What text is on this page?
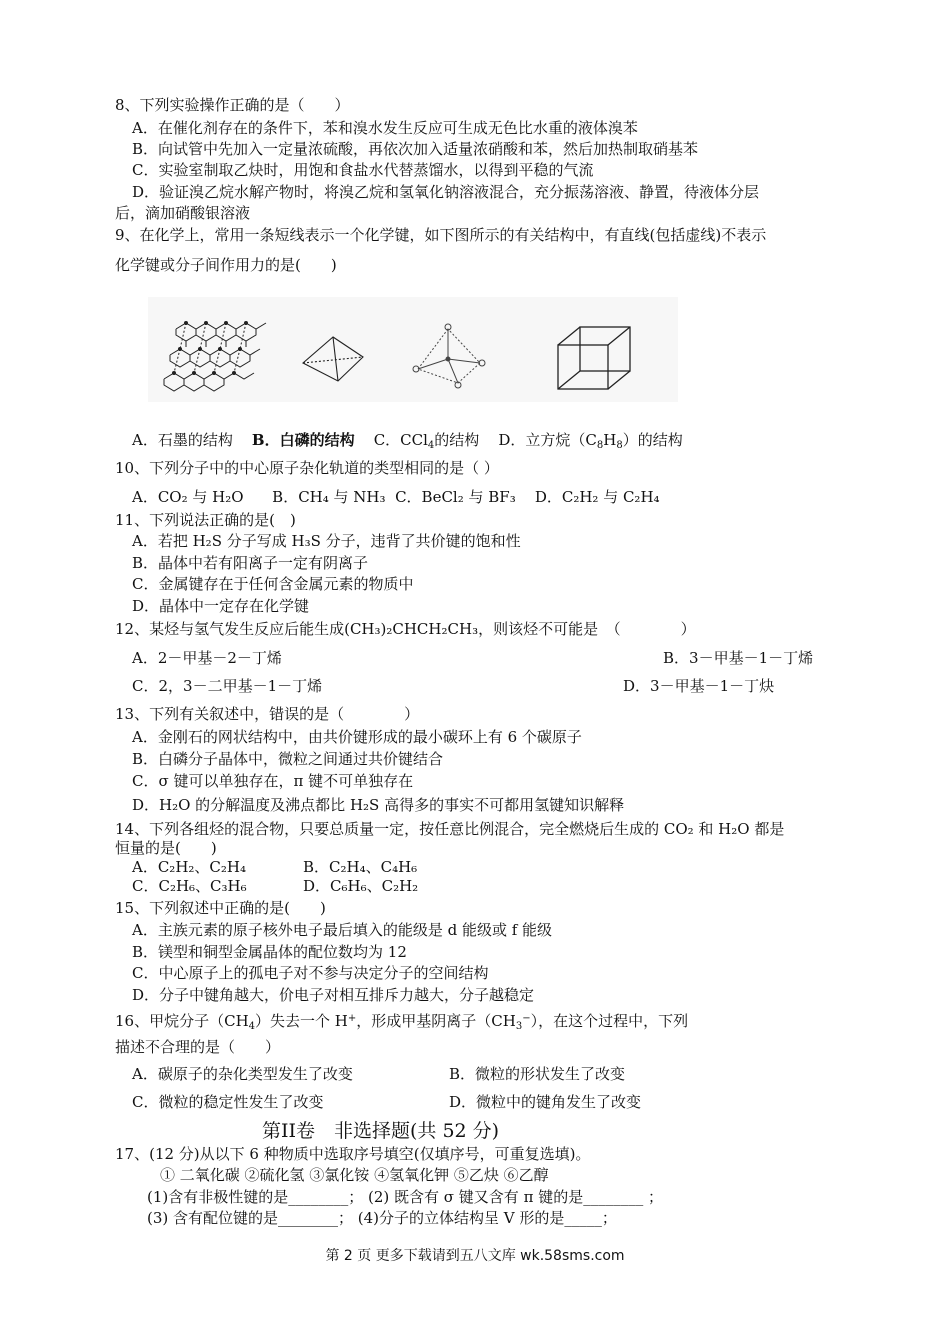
8、下列实验操作正确的是（　　）
A．在催化剂存在的条件下，苯和溴水发生反应可生成无色比水重的液体溴苯
B．向试管中先加入一定量浓硫酸，再依次加入适量浓硝酸和苯，然后加热制取硝基苯
C．实验室制取乙炔时，用饱和食盐水代替蒸馏水，以得到平稳的气流
D．验证溴乙烷水解产物时，将溴乙烷和氢氧化钠溶液混合，充分振荡溶液、静置，待液体分层
后，滴加硝酸银溶液
9、在化学上，常用一条短线表示一个化学键，如下图所示的有关结构中，有直线(包括虚线)不表示
化学键或分子间作用力的是(　　)
A．石墨的结构 B．白磷的结构 C．CCl$_4$的结构 D．立方烷$(C_8H_8)$的结构
10、下列分子中的中心原子杂化轨道的类型相同的是（ ）
A．CO₂ 与 H₂O B．CH₄ 与 NH₃ C．BeCl₂ 与 BF₃ D．C₂H₂ 与 C₂H₄
11、下列说法正确的是(　)
A．若把 H₂S 分子写成 H₃S 分子，违背了共价键的饱和性
B．晶体中若有阳离子一定有阴离子
C．金属键存在于任何含金属元素的物质中
D．晶体中一定存在化学键
12、某烃与氢气发生反应后能生成(CH₃)₂CHCH₂CH₃，则该烃不可能是　（　　　　）
A．2－甲基－2－丁烯	B．3－甲基－1－丁烯
C．2，3－二甲基－1－丁烯	D．3－甲基－1－丁炔
13、下列有关叙述中，错误的是（　　　　）
A．金刚石的网状结构中，由共价键形成的最小碳环上有 6 个碳原子
B．白磷分子晶体中，微粒之间通过共价键结合
C．σ 键可以单独存在，π 键不可单独存在
D．H₂O 的分解温度及沸点都比 H₂S 高得多的事实不可都用氢键知识解释
14、下列各组烃的混合物，只要总质量一定，按任意比例混合，完全燃烧后生成的 CO₂ 和 H₂O 都是
恒量的是(　　)
A．C₂H₂、C₂H₄	B．C₂H₄、C₄H₆
C．C₂H₆、C₃H₆	D．C₆H₆、C₂H₂
15、下列叙述中正确的是(　　)
A．主族元素的原子核外电子最后填入的能级是 d 能级或 f 能级
B．镁型和铜型金属晶体的配位数均为 12
C．中心原子上的孤电子对不参与决定分子的空间结构
D．分子中键角越大，价电子对相互排斥力越大，分子越稳定
16、甲烷分子$(CH_4)$失去一个 H+，形成甲基阴离子$(CH_3^-)$，在这个过程中，下列
描述不合理的是（　　）
A．碳原子的杂化类型发生了改变	B．微粒的形状发生了改变
C．微粒的稳定性发生了改变	D．微粒中的键角发生了改变
第II卷　非选择题(共 52 分)
17、(12 分)从以下 6 种物质中选取序号填空(仅填序号，可重复选填)。
① 二氧化碳 ②硫化氢 ③氯化铵 ④氢氧化钾 ⑤乙炔 ⑥乙醇
(1)含有非极性键的是________； (2) 既含有 σ 键又含有 π 键的是________ ；
(3) 含有配位键的是________； (4)分子的立体结构呈 V 形的是_____；
第 2 页 更多下载请到五八文库 wk.58sms.com
